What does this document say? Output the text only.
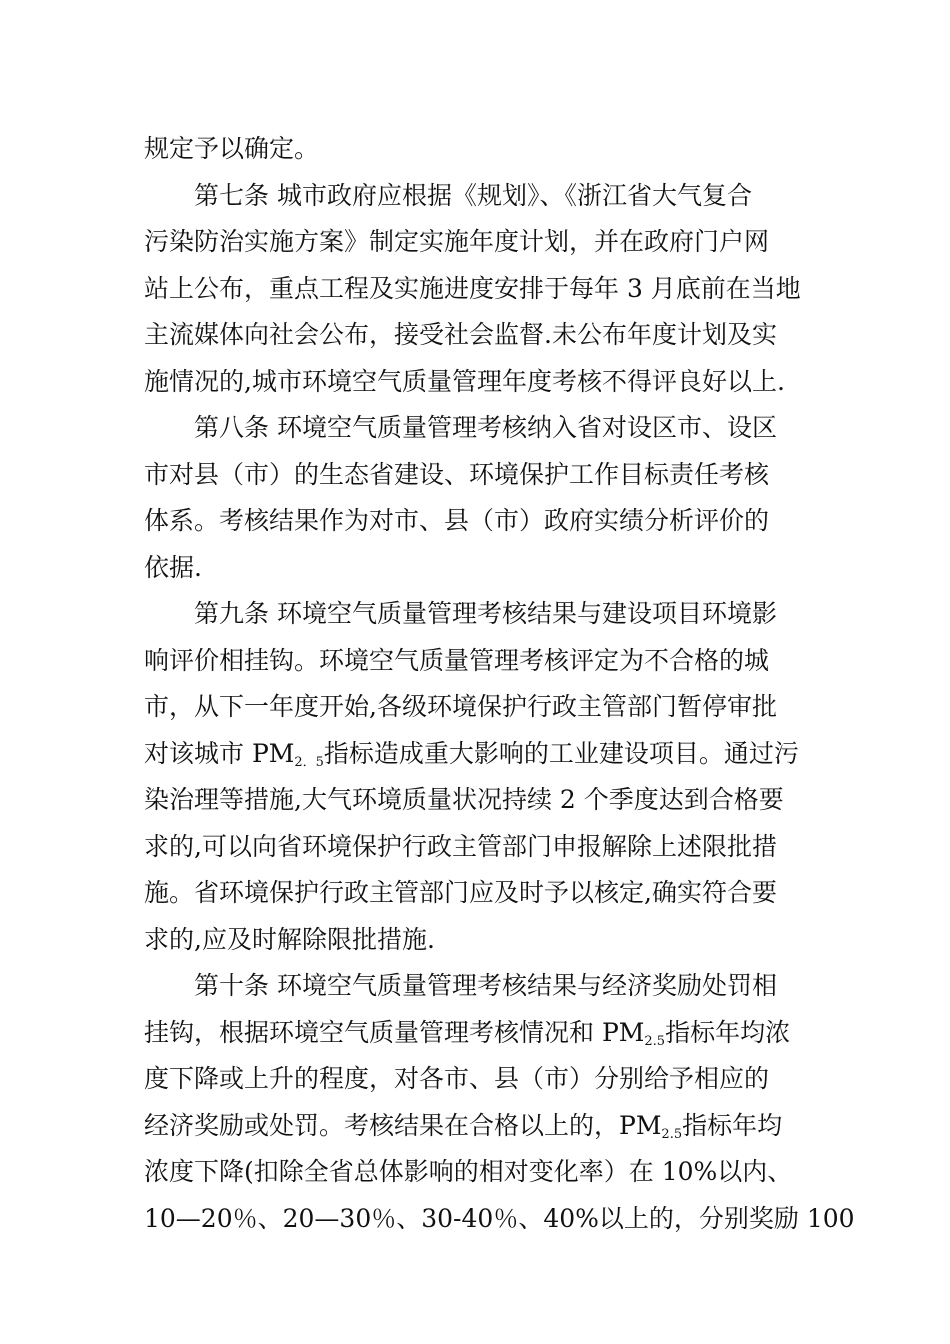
规定予以确定。
第七条 城市政府应根据《规划》、《浙江省大气复合
污染防治实施方案》制定实施年度计划，并在政府门户网
站上公布，重点工程及实施进度安排于每年 3 月底前在当地
主流媒体向社会公布，接受社会监督.未公布年度计划及实
施情况的,城市环境空气质量管理年度考核不得评良好以上.
第八条 环境空气质量管理考核纳入省对设区市、设区
市对县（市）的生态省建设、环境保护工作目标责任考核
体系。考核结果作为对市、县（市）政府实绩分析评价的
依据.
第九条 环境空气质量管理考核结果与建设项目环境影
响评价相挂钩。环境空气质量管理考核评定为不合格的城
市，从下一年度开始,各级环境保护行政主管部门暂停审批
对该城市 PM2．5指标造成重大影响的工业建设项目。通过污
染治理等措施,大气环境质量状况持续 2 个季度达到合格要
求的,可以向省环境保护行政主管部门申报解除上述限批措
施。省环境保护行政主管部门应及时予以核定,确实符合要
求的,应及时解除限批措施.
第十条 环境空气质量管理考核结果与经济奖励处罚相
挂钩，根据环境空气质量管理考核情况和 PM2.5指标年均浓
度下降或上升的程度，对各市、县（市）分别给予相应的
经济奖励或处罚。考核结果在合格以上的，PM2.5指标年均
浓度下降(扣除全省总体影响的相对变化率）在 10%以内、
10—20％、20—30％、30-40％、40%以上的，分别奖励 100
